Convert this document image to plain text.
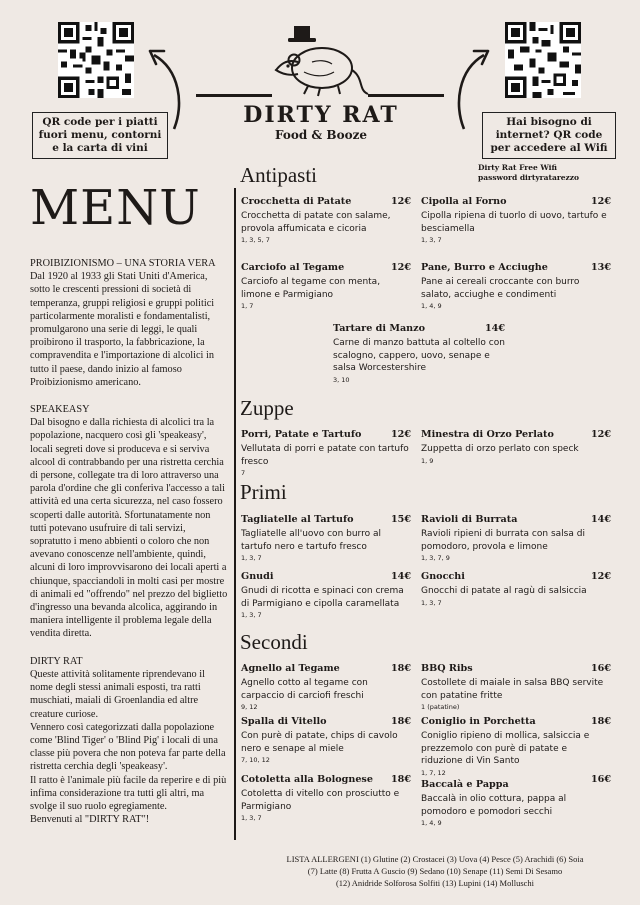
QR code per i piatti fuori menu, contorni e la carta di vini
Hai bisogno di internet? QR code per accedere al Wifi
Dirty Rat Free Wifi
password dirtyratarezzo
DIRTY RAT
Food & Booze
MENU

PROIBIZIONISMO – UNA STORIA VERA

Dal 1920 al 1933 gli Stati Uniti d'America, sotto le crescenti pressioni di società di temperanza, gruppi religiosi e gruppi politici particolarmente moralisti e fondamentalisti, promulgarono una serie di leggi, le quali proibirono il trasporto, la fabbricazione, la compravendita e l'importazione di alcolici in tutto il paese, dando inizio al famoso Proibizionismo americano.

SPEAKEASY

Dal bisogno e dalla richiesta di alcolici tra la popolazione, nacquero così gli 'speakeasy', locali segreti dove si produceva e si serviva alcool di contrabbando per una ristretta cerchia di persone, collegate tra di loro attraverso una parola d'ordine che gli conferiva l'accesso a tali attività ed una certa sicurezza, nel caso fossero scoperti dalle autorità. Sfortunatamente non tutti potevano usufruire di tali servizi, sopratutto i meno abbienti o coloro che non avevano conoscenze nell'ambiente, quindi, alcuni di loro improvvisarono dei locali aperti a chiunque, spacciandoli in molti casi per mostre di animali ed "offrendo" nel prezzo del biglietto d'ingresso una bevanda alcolica, aggirando in maniera intelligente il problema legale della vendita diretta.

DIRTY RAT

Queste attività solitamente riprendevano il nome degli stessi animali esposti, tra ratti muschiati, maiali di Groenlandia ed altre creature curiose.

Vennero così categorizzati dalla popolazione come 'Blind Tiger' o 'Blind Pig' i locali di una classe più povera che non poteva far parte della ristretta cerchia degli 'speakeasy'.

Il ratto è l'animale più facile da reperire e di più infima considerazione tra tutti gli altri, ma svolge il suo ruolo egregiamente.

Benvenuti al "DIRTY RAT"!

Antipasti
Zuppe
Primi
Secondi
Crocchetta di Patate	12€
Crocchetta di patate con salame, provola affumicata e cicoria
1, 3, 5, 7
Cipolla al Forno	12€
Cipolla ripiena di tuorlo di uovo, tartufo e besciamella
1, 3, 7
Carciofo al Tegame	12€
Carciofo al tegame con menta, limone e Parmigiano
1, 7
Pane, Burro e Acciughe	13€
Pane ai cereali croccante con burro salato, acciughe e condimenti
1, 4, 9
Tartare di Manzo	14€
Carne di manzo battuta al coltello con scalogno, cappero, uovo, senape e salsa Worcestershire
3, 10
Porri, Patate e Tartufo	12€
Vellutata di porri e patate con tartufo fresco
7
Minestra di Orzo Perlato	12€
Zuppetta di orzo perlato con speck
1, 9
Tagliatelle al Tartufo	15€
Tagliatelle all'uovo con burro al tartufo nero e tartufo fresco
1, 3, 7
Ravioli di Burrata	14€
Ravioli ripieni di burrata con salsa di pomodoro, provola e limone
1, 3, 7, 9
Gnudi	14€
Gnudi di ricotta e spinaci con crema di Parmigiano e cipolla caramellata
1, 3, 7
Gnocchi	12€
Gnocchi di patate al ragù di salsiccia
1, 3, 7
Agnello al Tegame	18€
Agnello cotto al tegame con carpaccio di carciofi freschi
9, 12
BBQ Ribs	16€
Costollete di maiale in salsa BBQ servite con patatine fritte
1 (patatine)
Spalla di Vitello	18€
Con purè di patate, chips di cavolo nero e senape al miele
7, 10, 12
Coniglio in Porchetta	18€
Coniglio ripieno di mollica, salsiccia e prezzemolo con purè di patate e riduzione di Vin Santo
1, 7, 12
Cotoletta alla Bolognese	18€
Cotoletta di vitello con prosciutto e Parmigiano
1, 3, 7
Baccalà e Pappa	16€
Baccalà in olio cottura, pappa al pomodoro e pomodori secchi
1, 4, 9
LISTA ALLERGENI (1) Glutine (2) Crostacei (3) Uova (4) Pesce (5) Arachidi (6) Soia
(7) Latte (8) Frutta A Guscio (9) Sedano (10) Senape (11) Semi Di Sesamo
(12) Anidride Solforosa Solfiti (13) Lupini (14) Molluschi
